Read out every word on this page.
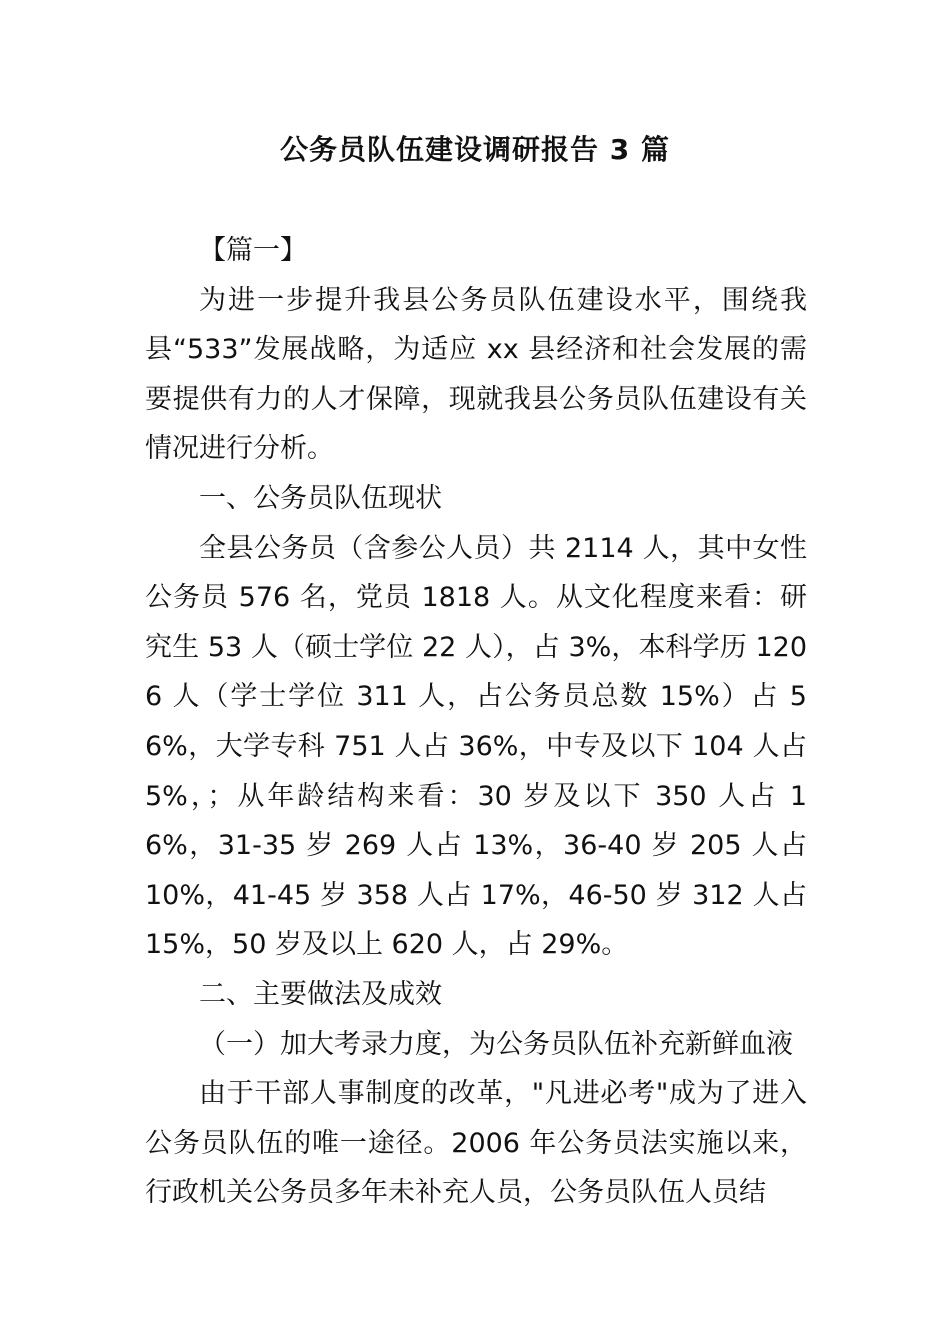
公务员队伍建设调研报告 3 篇

【篇一】

为进一步提升我县公务员队伍建设水平，围绕我县“533”发展战略，为适应 xx 县经济和社会发展的需要提供有力的人才保障，现就我县公务员队伍建设有关情况进行分析。

一、公务员队伍现状

全县公务员（含参公人员）共 2114 人，其中女性公务员 576 名，党员 1818 人。从文化程度来看：研究生 53 人（硕士学位 22 人），占 3%，本科学历 1206 人（学士学位 311 人，占公务员总数 15%）占 56%，大学专科 751 人占 36%，中专及以下 104 人占 5%，；从年龄结构来看：30 岁及以下 350 人占 16%，31-35 岁 269 人占 13%，36-40 岁 205 人占 10%，41-45 岁 358 人占 17%，46-50 岁 312 人占 15%，50 岁及以上 620 人，占 29%。

二、主要做法及成效

（一）加大考录力度，为公务员队伍补充新鲜血液

由于干部人事制度的改革，"凡进必考"成为了进入公务员队伍的唯一途径。2006 年公务员法实施以来，行政机关公务员多年未补充人员，公务员队伍人员结
